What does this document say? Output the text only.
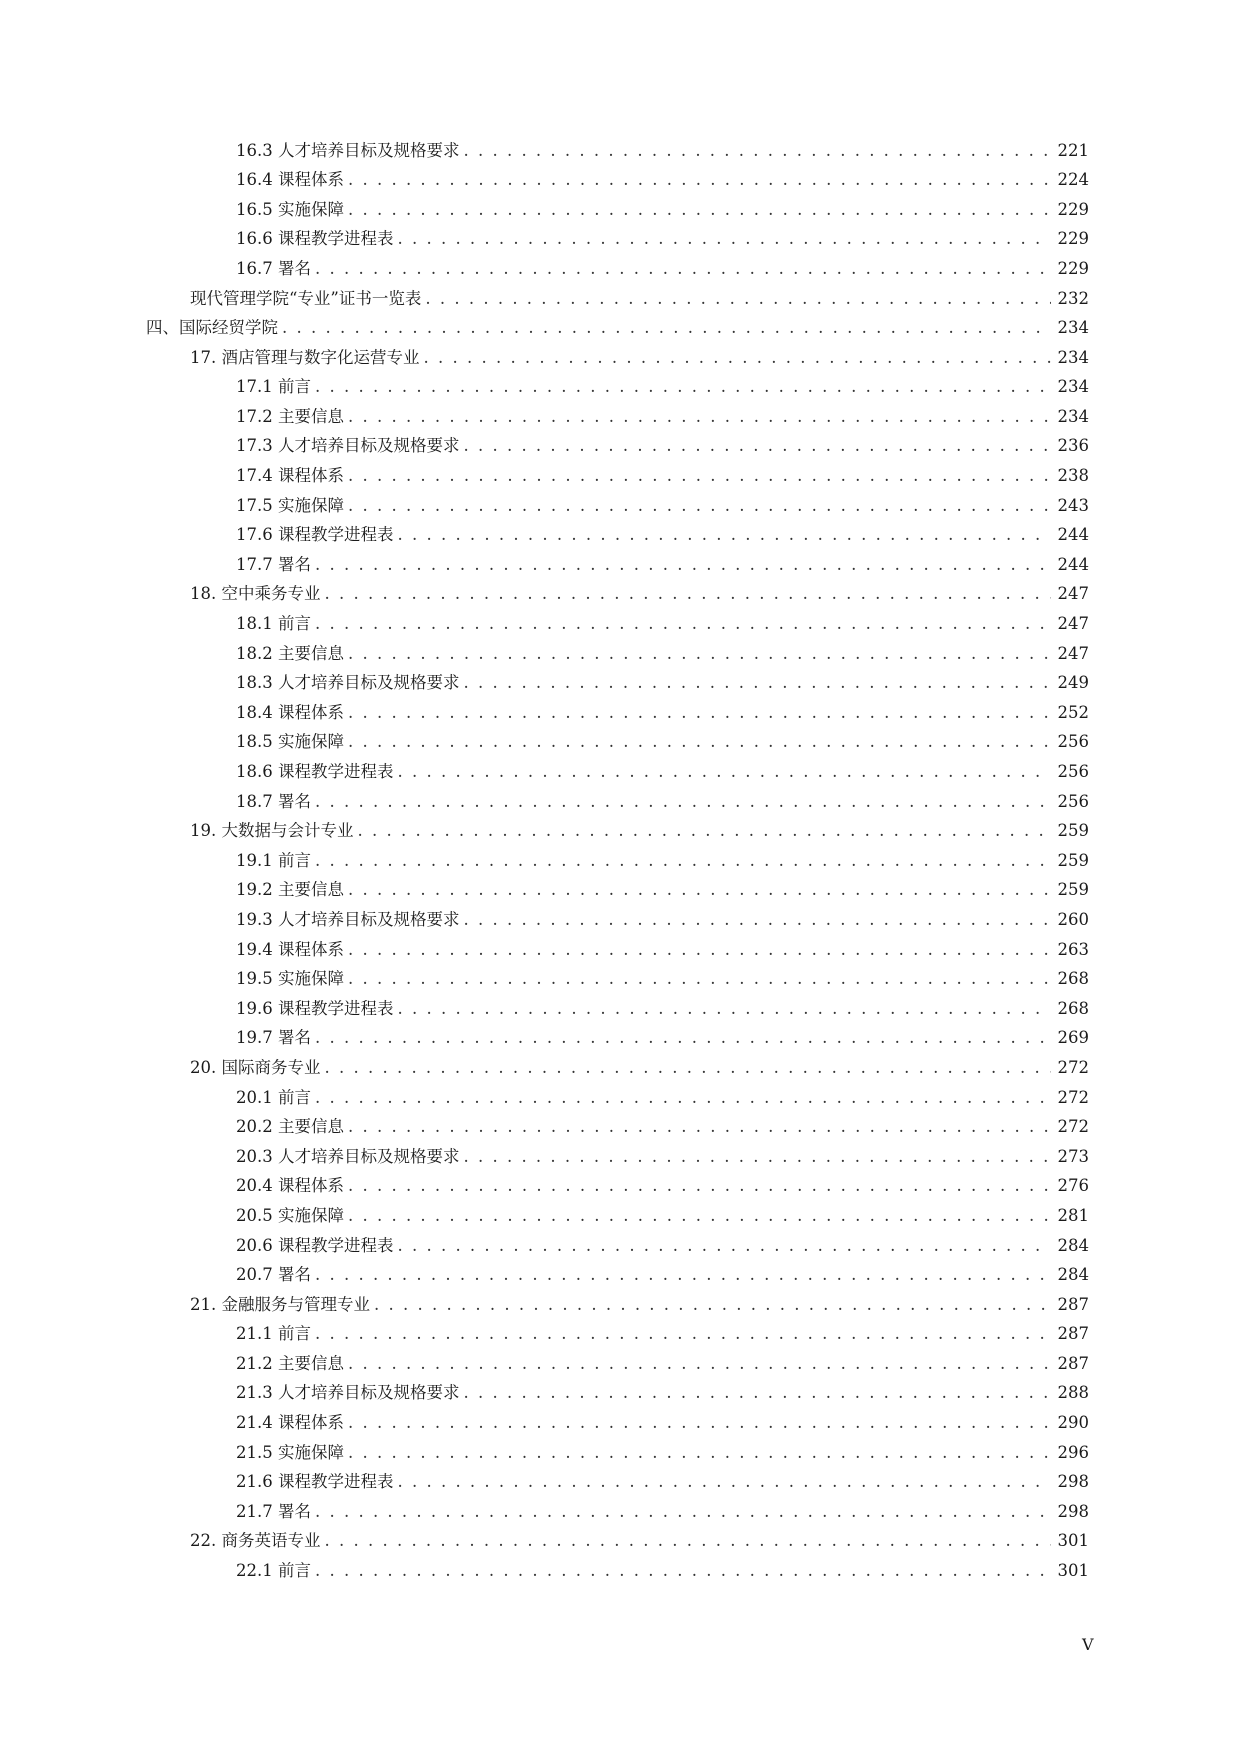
16.3 人才培养目标及规格要求 . . .	221
16.4 课程体系 . . .	224
16.5 实施保障 . . .	229
16.6 课程教学进程表 . . .	229
16.7 署名 . . .	229
现代管理学院“专业”证书一览表 . . .	232
四、国际经贸学院 . . .	234
17. 酒店管理与数字化运营专业 . . .	234
17.1 前言 . . .	234
17.2 主要信息 . . .	234
17.3 人才培养目标及规格要求 . . .	236
17.4 课程体系 . . .	238
17.5 实施保障 . . .	243
17.6 课程教学进程表 . . .	244
17.7 署名 . . .	244
18. 空中乘务专业 . . .	247
18.1 前言 . . .	247
18.2 主要信息 . . .	247
18.3 人才培养目标及规格要求 . . .	249
18.4 课程体系 . . .	252
18.5 实施保障 . . .	256
18.6 课程教学进程表 . . .	256
18.7 署名 . . .	256
19. 大数据与会计专业 . . .	259
19.1 前言 . . .	259
19.2 主要信息 . . .	259
19.3 人才培养目标及规格要求 . . .	260
19.4 课程体系 . . .	263
19.5 实施保障 . . .	268
19.6 课程教学进程表 . . .	268
19.7 署名 . . .	269
20. 国际商务专业 . . .	272
20.1 前言 . . .	272
20.2 主要信息 . . .	272
20.3 人才培养目标及规格要求 . . .	273
20.4 课程体系 . . .	276
20.5 实施保障 . . .	281
20.6 课程教学进程表 . . .	284
20.7 署名 . . .	284
21. 金融服务与管理专业 . . .	287
21.1 前言 . . .	287
21.2 主要信息 . . .	287
21.3 人才培养目标及规格要求 . . .	288
21.4 课程体系 . . .	290
21.5 实施保障 . . .	296
21.6 课程教学进程表 . . .	298
21.7 署名 . . .	298
22. 商务英语专业 . . .	301
22.1 前言 . . .	301
V
